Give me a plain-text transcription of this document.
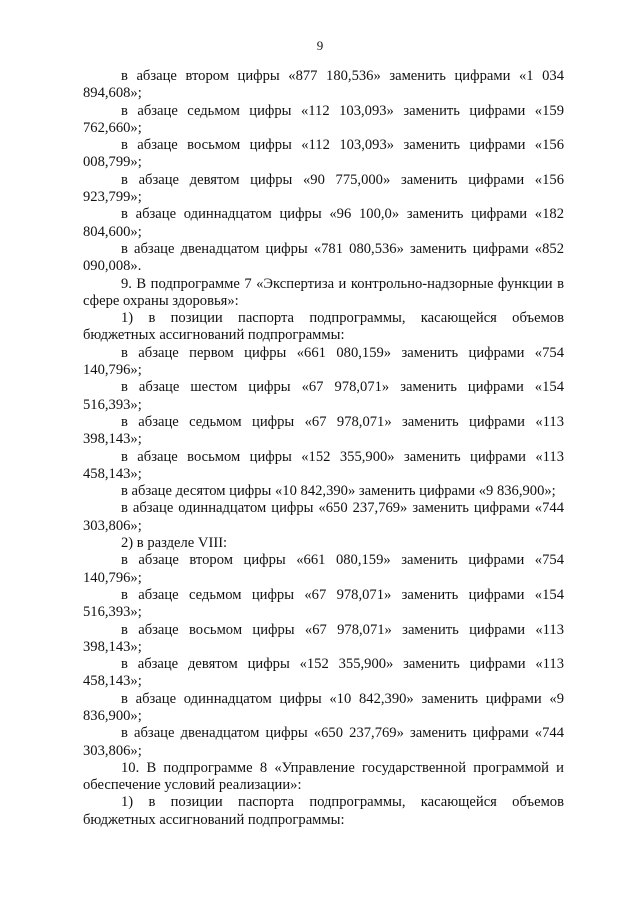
9

в абзаце втором цифры «877 180,536» заменить цифрами «1 034 894,608»;

в абзаце седьмом цифры «112 103,093» заменить цифрами «159 762,660»;

в абзаце восьмом цифры «112 103,093» заменить цифрами «156 008,799»;

в абзаце девятом цифры «90 775,000» заменить цифрами «156 923,799»;

в абзаце одиннадцатом цифры «96 100,0» заменить цифрами «182 804,600»;

в абзаце двенадцатом цифры «781 080,536» заменить цифрами «852 090,008».

9. В подпрограмме 7 «Экспертиза и контрольно-надзорные функции в сфере охраны здоровья»:

1) в позиции паспорта подпрограммы, касающейся объемов бюджетных ассигнований подпрограммы:

в абзаце первом цифры «661 080,159» заменить цифрами «754 140,796»;

в абзаце шестом цифры «67 978,071» заменить цифрами «154 516,393»;

в абзаце седьмом цифры «67 978,071» заменить цифрами «113 398,143»;

в абзаце восьмом цифры «152 355,900» заменить цифрами «113 458,143»;

в абзаце десятом цифры «10 842,390» заменить цифрами «9 836,900»;

в абзаце одиннадцатом цифры «650 237,769» заменить цифрами «744 303,806»;

2) в разделе VIII:

в абзаце втором цифры «661 080,159» заменить цифрами «754 140,796»;

в абзаце седьмом цифры «67 978,071» заменить цифрами «154 516,393»;

в абзаце восьмом цифры «67 978,071» заменить цифрами «113 398,143»;

в абзаце девятом цифры «152 355,900» заменить цифрами «113 458,143»;

в абзаце одиннадцатом цифры «10 842,390» заменить цифрами «9 836,900»;

в абзаце двенадцатом цифры «650 237,769» заменить цифрами «744 303,806»;

10. В подпрограмме 8 «Управление государственной программой и обеспечение условий реализации»:

1) в позиции паспорта подпрограммы, касающейся объемов бюджетных ассигнований подпрограммы:
